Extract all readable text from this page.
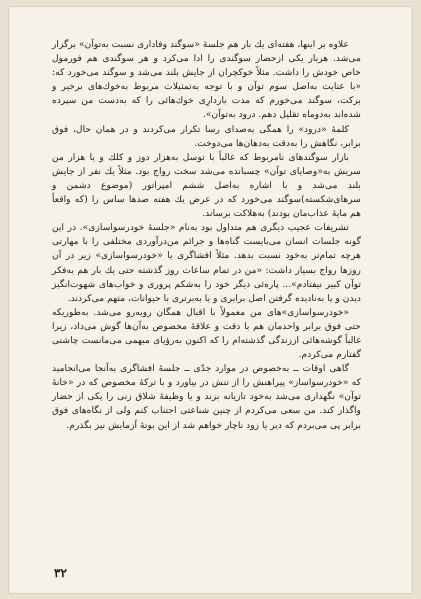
علاوه بر اینها، هفته‌ای یك بار هم جلسهٔ «سوگند وفاداری نسبت به‌توآن» برگزار می‌شد. هربار یکی ازحضار سوگندی را ادا می‌کرد و هر سوگندی هم فورمول خاص خودش را داشت. مثلاً خوکچران از جایش بلند می‌شد و سوگند می‌خورد که: «با عنایت به‌اصل سوم توآن و با توجه به‌تمثیلات مربوط به‌خوك‌های برخیر و برکت، سوگند می‌خورم که مدت باردارِی خوك‌هائی را که به‌دست من سپرده شده‌اند به‌دوماه تقلیل دهم. درود به‌توآن».

کلمهٔ «درود» را همگی به‌صدای رسا تکرار می‌کردند و در همان حال، فوق برابر، نگاهش را به‌دقت به‌دهان‌ها می‌دوخت.

بازار سوگندهای نامربوط که غالباً با توسل به‌هزار دوز و کلك و یا هزار من سریش به‌«وصایای توآن» چسبانده می‌شد سخت رواج بود. مثلاً یك نفر از جایش بلند می‌شد و با اشاره به‌اصل ششم امپراتور (موضوع دشمن و سرهای‌شکسته)سوگند می‌خورد که در عرض یك هفته صدها ساس را (که واقعاً هم مایهٔ عذاب‌مان بودند) به‌هلاکت برساند.

تشریفات عجیب دیگری هم متداول بود به‌نام «جلسهٔ خودرسوا‌سازی». در این گونه جلسات انسان می‌بایست گناه‌ها و جرائم من‌درآوردی مختلفی را با مهارتی هرچه تمام‌تر به‌خود نسبت بدهد. مثلاً افشاگری یا «خودرسواسازی» زیر در آن روزها رواج بسیار داشت: «من در تمام ساعات روز گذشته حتی یك بار هم به‌فکر توآن کبیر نیفتادم»... پاره‌ئی دیگر خود را به‌شکم پروری و خواب‌های شهوت‌انگیز دیدن و یا به‌نادیده گرفتن اصل برابری و یا به‌برتری با حیوانات، متهم می‌کردند.

«خودرسواسازی»های من معمولاً با اقبال همگان روبه‌رو می‌شد. به‌طوریکه حتی فوق برابر واحدمان هم با دقت و علاقهٔ مخصوص به‌آن‌ها گوش می‌داد، زیرا غالباً گوشه‌هائی اززندگی گذشته‌ام را که اکنون به‌رؤیای مبهمی می‌مانست چاشنی گفتارم می‌کردم.

گاهی اوقات ــ به‌خصوص در موارد جدّی ــ جلسهٔ افشاگری به‌آنجا می‌انجامید که «خودرسواساز» پیراهنش را از تنش در بیاورد و با ترکهٔ مخصوص که در «خانهٔ توآن» نگهداری می‌شد به‌خود تازیانه بزند و یا وظیفهٔ شلاق زنی را یکی از حضار واگذار کند. من سعی می‌کردم از چنین شناعتی اجتناب کنم ولی از نگاه‌های فوق برابر پی می‌بردم که دیر یا زود ناچار خواهم شد از این بوتهٔ آزمایش نیز بگذرم.

۳۲
